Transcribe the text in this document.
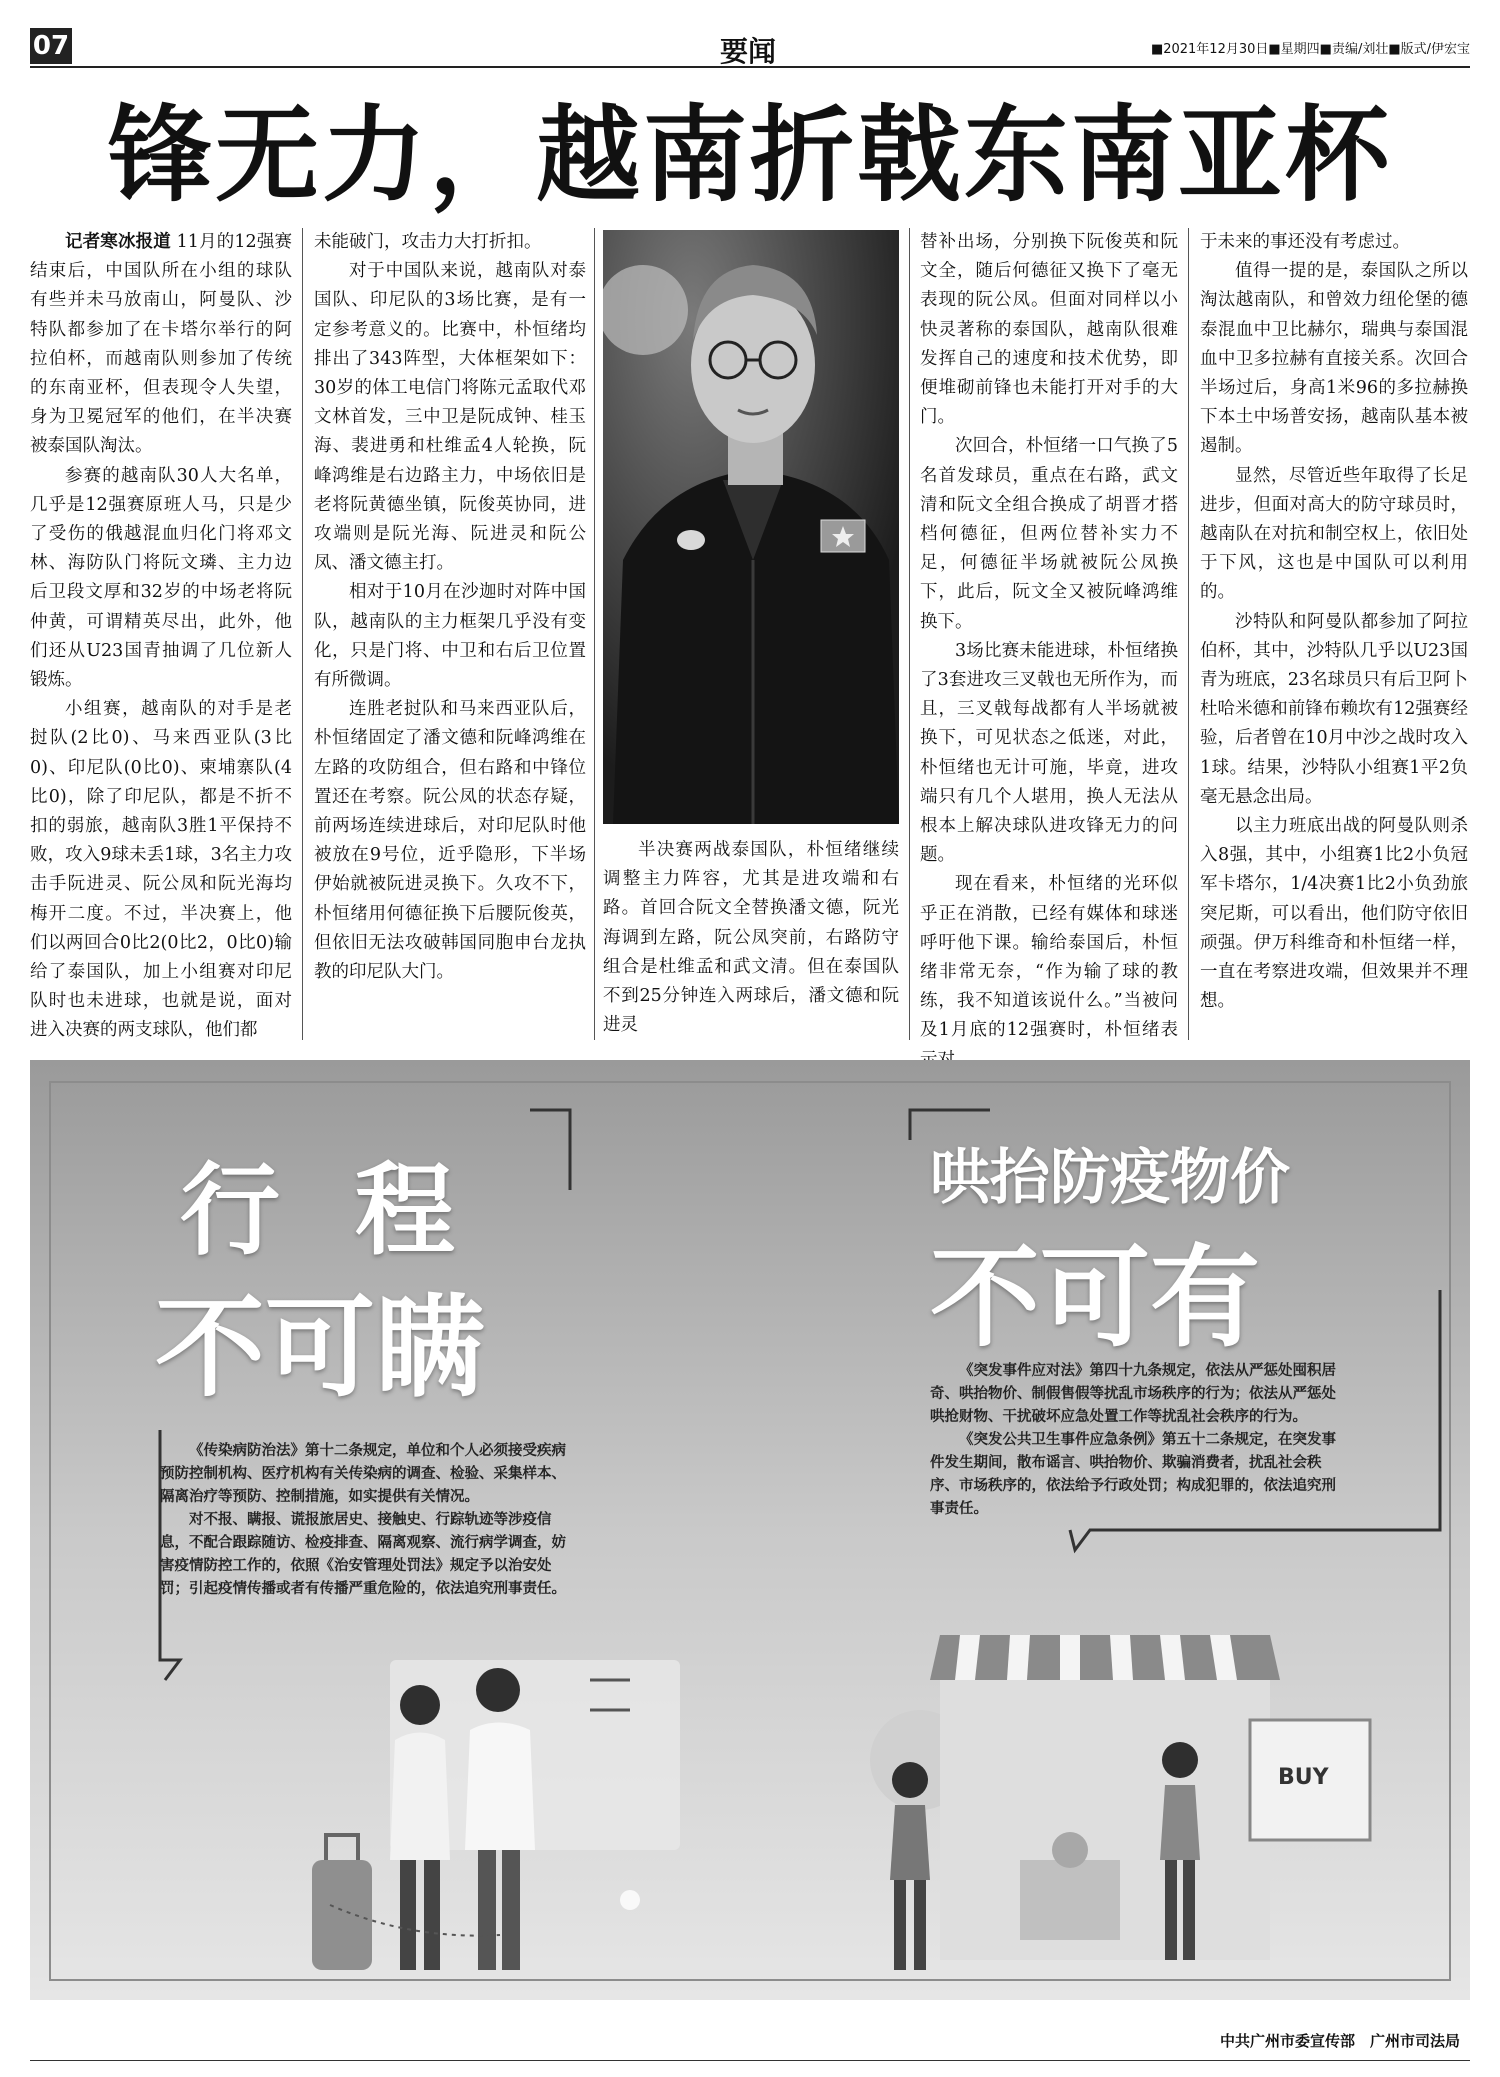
07	要闻	■2021年12月30日■星期四■责编/刘壮■版式/伊宏宝
锋无力，越南折戟东南亚杯

记者寒冰报道 11月的12强赛结束后，中国队所在小组的球队有些并未马放南山，阿曼队、沙特队都参加了在卡塔尔举行的阿拉伯杯，而越南队则参加了传统的东南亚杯，但表现令人失望，身为卫冕冠军的他们，在半决赛被泰国队淘汰。

参赛的越南队30人大名单，几乎是12强赛原班人马，只是少了受伤的俄越混血归化门将邓文林、海防队门将阮文璘、主力边后卫段文厚和32岁的中场老将阮仲黄，可谓精英尽出，此外，他们还从U23国青抽调了几位新人锻炼。

小组赛，越南队的对手是老挝队(2比0)、马来西亚队(3比0)、印尼队(0比0)、柬埔寨队(4比0)，除了印尼队，都是不折不扣的弱旅，越南队3胜1平保持不败，攻入9球未丢1球，3名主力攻击手阮进灵、阮公凤和阮光海均梅开二度。不过，半决赛上，他们以两回合0比2(0比2，0比0)输给了泰国队，加上小组赛对印尼队时也未进球，也就是说，面对进入决赛的两支球队，他们都

未能破门，攻击力大打折扣。

对于中国队来说，越南队对泰国队、印尼队的3场比赛，是有一定参考意义的。比赛中，朴恒绪均排出了343阵型，大体框架如下：30岁的体工电信门将陈元孟取代邓文林首发，三中卫是阮成钟、桂玉海、裴进勇和杜维孟4人轮换，阮峰鸿维是右边路主力，中场依旧是老将阮黄德坐镇，阮俊英协同，进攻端则是阮光海、阮进灵和阮公凤、潘文德主打。

相对于10月在沙迦时对阵中国队，越南队的主力框架几乎没有变化，只是门将、中卫和右后卫位置有所微调。

连胜老挝队和马来西亚队后，朴恒绪固定了潘文德和阮峰鸿维在左路的攻防组合，但右路和中锋位置还在考察。阮公凤的状态存疑，前两场连续进球后，对印尼队时他被放在9号位，近乎隐形，下半场伊始就被阮进灵换下。久攻不下，朴恒绪用何德征换下后腰阮俊英，但依旧无法攻破韩国同胞申台龙执教的印尼队大门。

半决赛两战泰国队，朴恒绪继续调整主力阵容，尤其是进攻端和右路。首回合阮文全替换潘文德，阮光海调到左路，阮公凤突前，右路防守组合是杜维孟和武文清。但在泰国队不到25分钟连入两球后，潘文德和阮进灵

替补出场，分别换下阮俊英和阮文全，随后何德征又换下了毫无表现的阮公凤。但面对同样以小快灵著称的泰国队，越南队很难发挥自己的速度和技术优势，即便堆砌前锋也未能打开对手的大门。

次回合，朴恒绪一口气换了5名首发球员，重点在右路，武文清和阮文全组合换成了胡晋才搭档何德征，但两位替补实力不足，何德征半场就被阮公凤换下，此后，阮文全又被阮峰鸿维换下。

3场比赛未能进球，朴恒绪换了3套进攻三叉戟也无所作为，而且，三叉戟每战都有人半场就被换下，可见状态之低迷，对此，朴恒绪也无计可施，毕竟，进攻端只有几个人堪用，换人无法从根本上解决球队进攻锋无力的问题。

现在看来，朴恒绪的光环似乎正在消散，已经有媒体和球迷呼吁他下课。输给泰国后，朴恒绪非常无奈，“作为输了球的教练，我不知道该说什么。”当被问及1月底的12强赛时，朴恒绪表

于未来的事还没有考虑过。

值得一提的是，泰国队之所以淘汰越南队，和曾效力纽伦堡的德泰混血中卫比赫尔，瑞典与泰国混血中卫多拉赫有直接关系。次回合半场过后，身高1米96的多拉赫换下本土中场普安扬，越南队基本被遏制。

显然，尽管近些年取得了长足进步，但面对高大的防守球员时，越南队在对抗和制空权上，依旧处于下风，这也是中国队可以利用的。

沙特队和阿曼队都参加了阿拉伯杯，其中，沙特队几乎以U23国青为班底，23名球员只有后卫阿卜杜哈米德和前锋布赖坎有12强赛经验，后者曾在10月中沙之战时攻入1球。结果，沙特队小组赛1平2负毫无悬念出局。

以主力班底出战的阿曼队则杀入8强，其中，小组赛1比2小负冠军卡塔尔，1/4决赛1比2小负劲旅突尼斯，可以看出，他们防守依旧顽强。伊万科维奇和朴恒绪一样，一直在考察进攻端，但效果并不理想。

行 程
不可瞒

《传染病防治法》第十二条规定，单位和个人必须接受疾病预防控制机构、医疗机构有关传染病的调查、检验、采集样本、隔离治疗等预防、控制措施，如实提供有关情况。

对不报、瞒报、谎报旅居史、接触史、行踪轨迹等涉疫信息，不配合跟踪随访、检疫排查、隔离观察、流行病学调查，妨害疫情防控工作的，依照《治安管理处罚法》规定予以治安处罚；引起疫情传播或者有传播严重危险的，依法追究刑事责任。

哄抬防疫物价
不可有

《突发事件应对法》第四十九条规定，依法从严惩处囤积居奇、哄抬物价、制假售假等扰乱市场秩序的行为；依法从严惩处哄抢财物、干扰破坏应急处置工作等扰乱社会秩序的行为。

《突发公共卫生事件应急条例》第五十二条规定，在突发事件发生期间，散布谣言、哄抬物价、欺骗消费者，扰乱社会秩序、市场秩序的，依法给予行政处罚；构成犯罪的，依法追究刑事责任。

BUY
中共广州市委宣传部　广州市司法局
